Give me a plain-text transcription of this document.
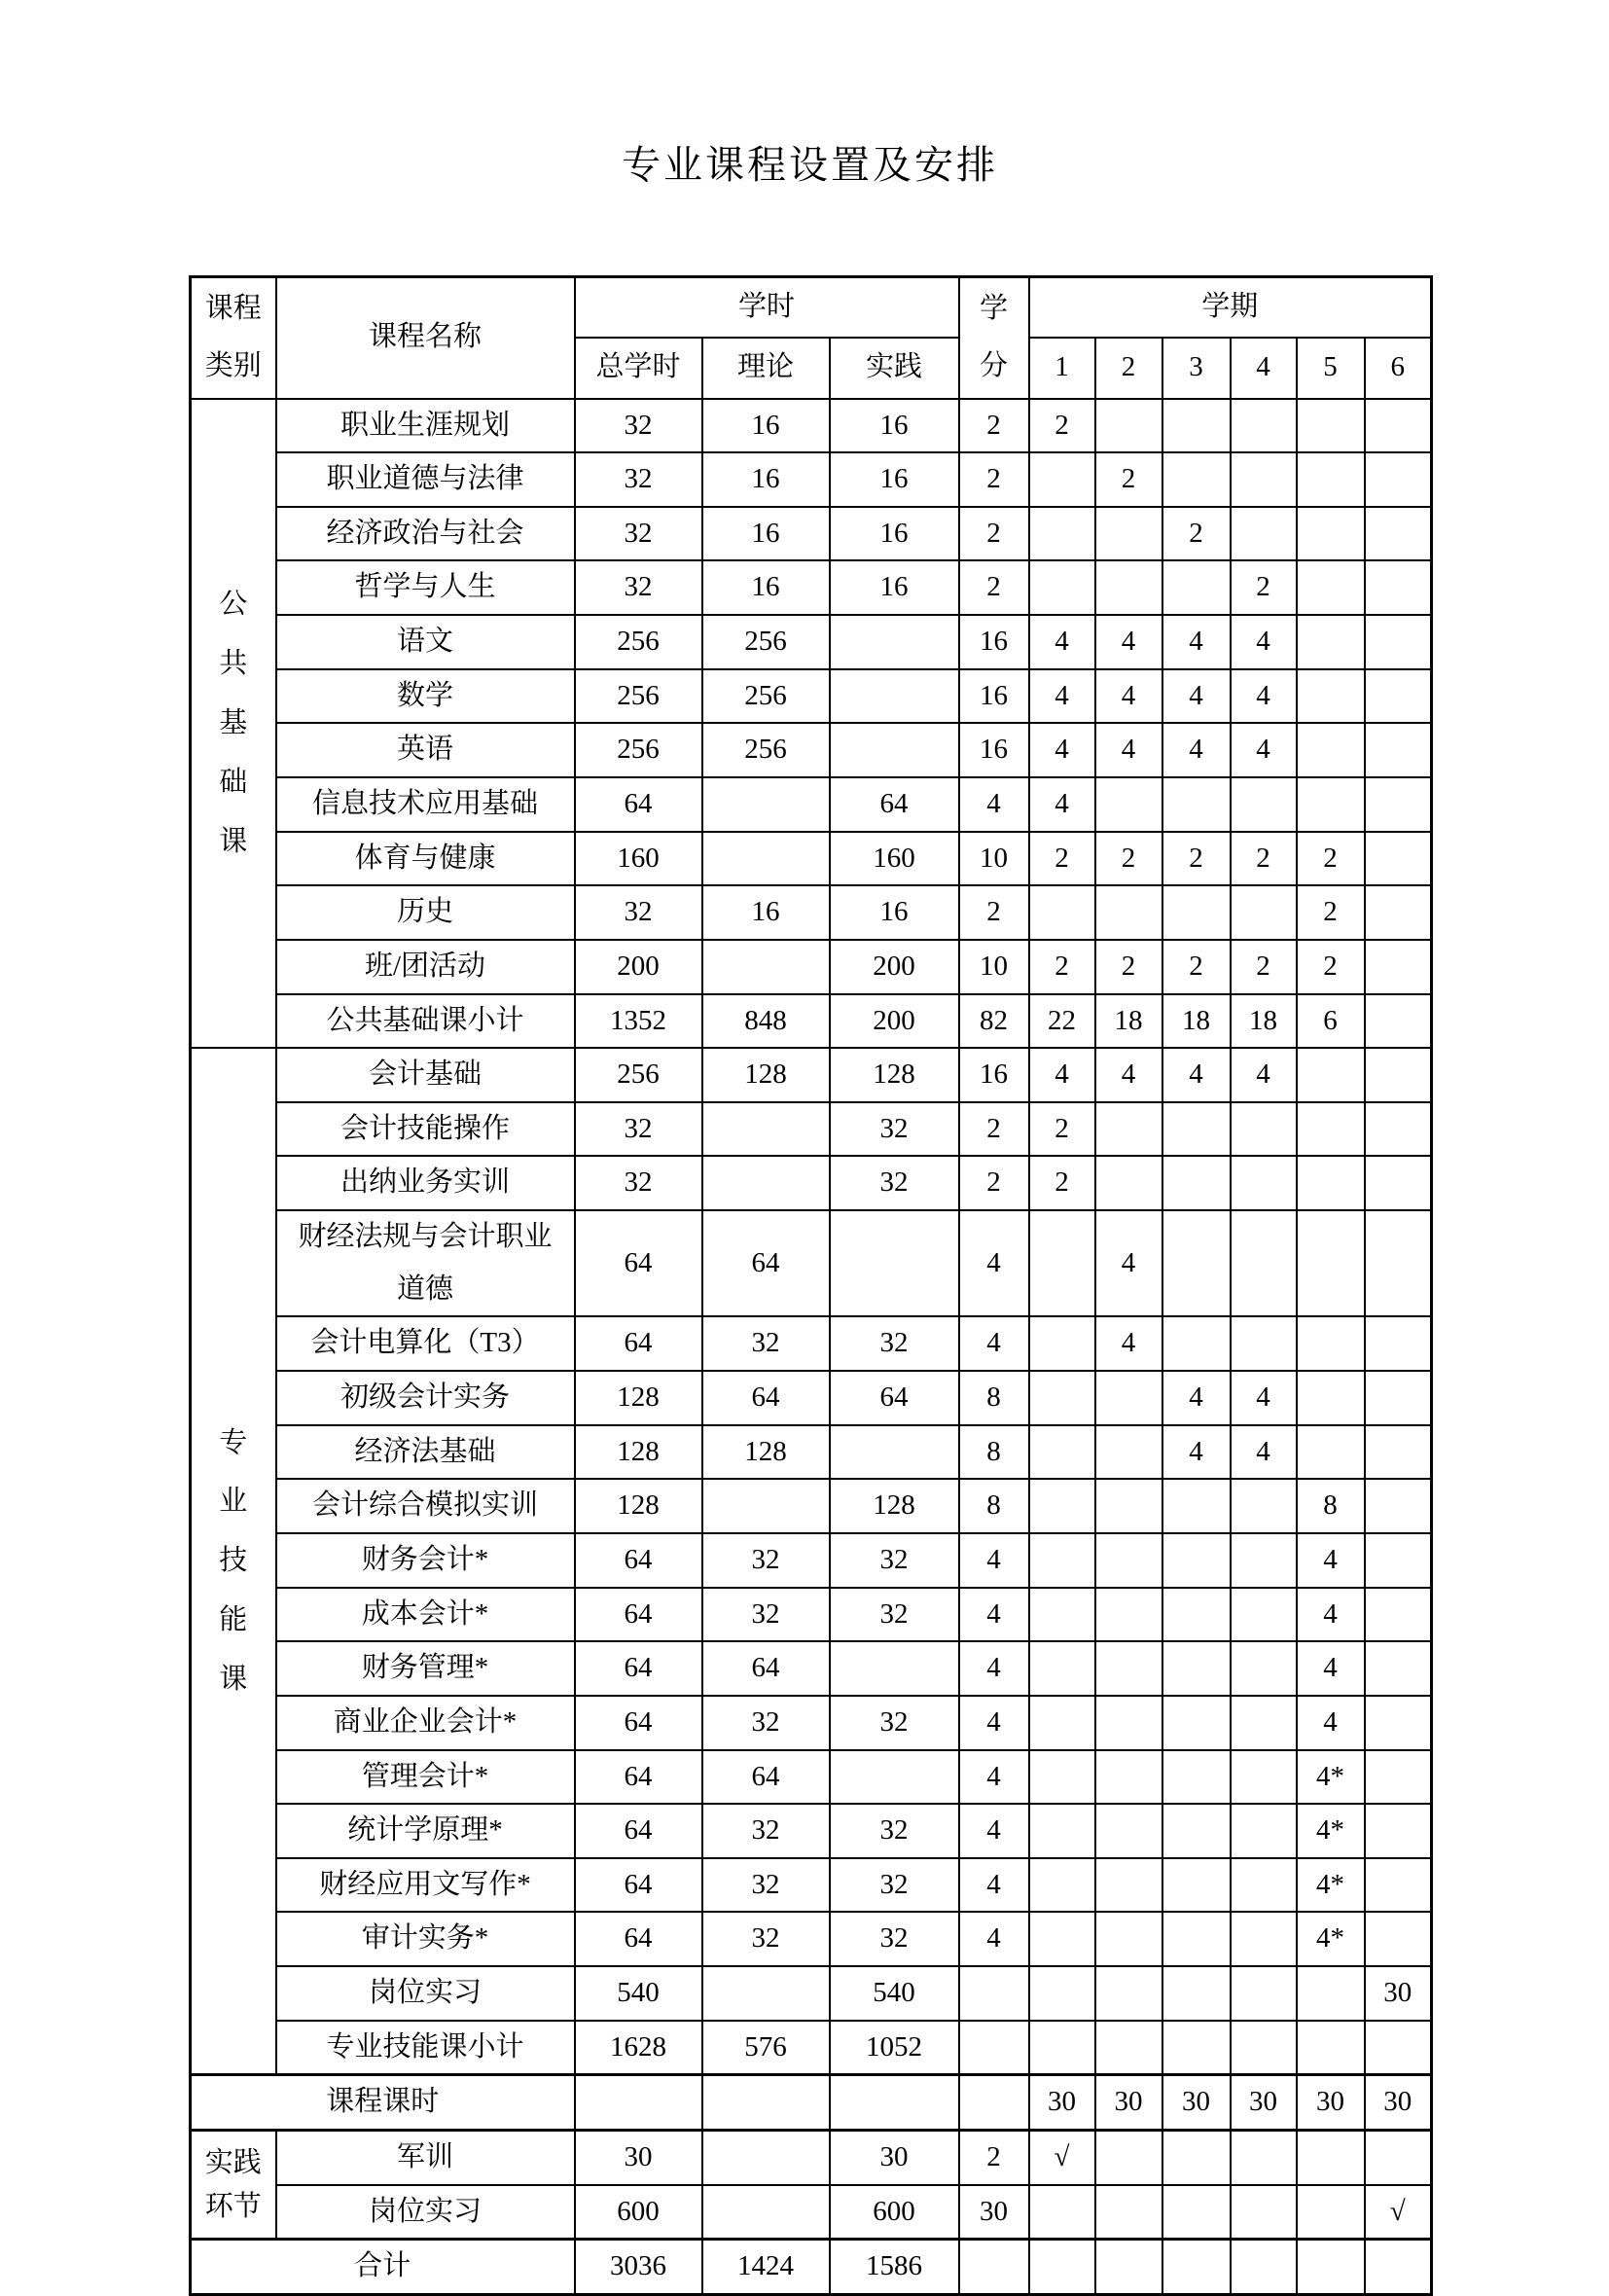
专业课程设置及安排
课程类别	课程名称	学时			学分	学期					
		总学时	理论	实践		1	2	3	4	5	6

公共基础课	职业生涯规划	32	16	16	2	2					
	职业道德与法律	32	16	16	2		2				
	经济政治与社会	32	16	16	2			2			
	哲学与人生	32	16	16	2				2		
	语文	256	256		16	4	4	4	4		
	数学	256	256		16	4	4	4	4		
	英语	256	256		16	4	4	4	4		
	信息技术应用基础	64		64	4	4					
	体育与健康	160		160	10	2	2	2	2	2	
	历史	32	16	16	2					2	
	班/团活动	200		200	10	2	2	2	2	2	
	公共基础课小计	1352	848	200	82	22	18	18	18	6	

专业技能课	会计基础	256	128	128	16	4	4	4	4		
	会计技能操作	32		32	2	2					
	出纳业务实训	32		32	2	2					
	财经法规与会计职业道德	64	64		4		4				
	会计电算化（T3）	64	32	32	4		4				
	初级会计实务	128	64	64	8			4	4		
	经济法基础	128	128		8			4	4		
	会计综合模拟实训	128		128	8					8	
	财务会计*	64	32	32	4					4	
	成本会计*	64	32	32	4					4	
	财务管理*	64	64		4					4	
	商业企业会计*	64	32	32	4					4	
	管理会计*	64	64		4					4*	
	统计学原理*	64	32	32	4					4*	
	财经应用文写作*	64	32	32	4					4*	
	审计实务*	64	32	32	4					4*	
	岗位实习	540		540							30
	专业技能课小计	1628	576	1052							
课程课时						30	30	30	30	30	30

实践环节	军训	30		30	2	√					
	岗位实习	600		600	30						√
合计		3036	1424	1586							
